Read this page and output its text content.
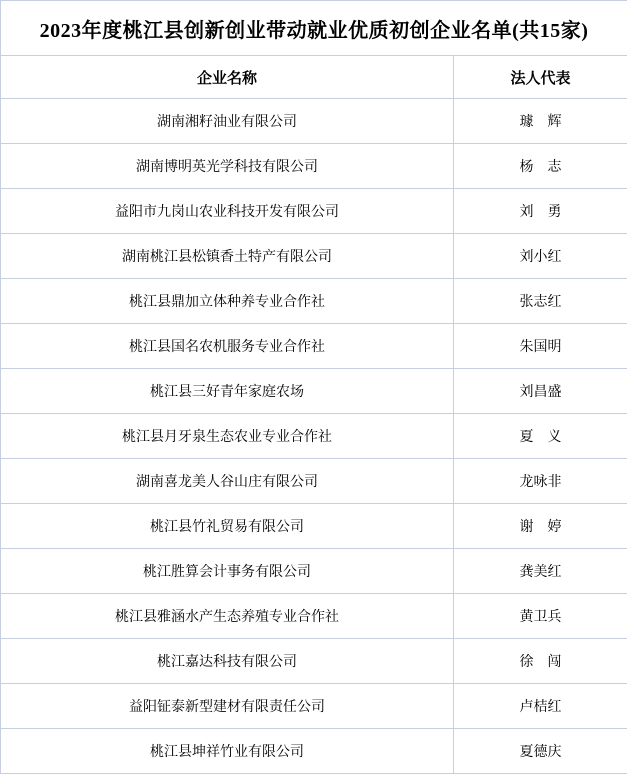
2023年度桃江县创新创业带动就业优质初创企业名单(共15家)	
企业名称	法人代表
湖南湘籽油业有限公司	璩　辉
湖南博明英光学科技有限公司	杨　志
益阳市九岗山农业科技开发有限公司	刘　勇
湖南桃江县松镇香土特产有限公司	刘小红
桃江县鼎加立体种养专业合作社	张志红
桃江县国名农机服务专业合作社	朱国明
桃江县三好青年家庭农场	刘昌盛
桃江县月牙泉生态农业专业合作社	夏　义
湖南喜龙美人谷山庄有限公司	龙咏非
桃江县竹礼贸易有限公司	谢　婷
桃江胜算会计事务有限公司	龚美红
桃江县雅涵水产生态养殖专业合作社	黄卫兵
桃江嘉达科技有限公司	徐　闯
益阳钲泰新型建材有限责任公司	卢桔红
桃江县坤祥竹业有限公司	夏德庆
